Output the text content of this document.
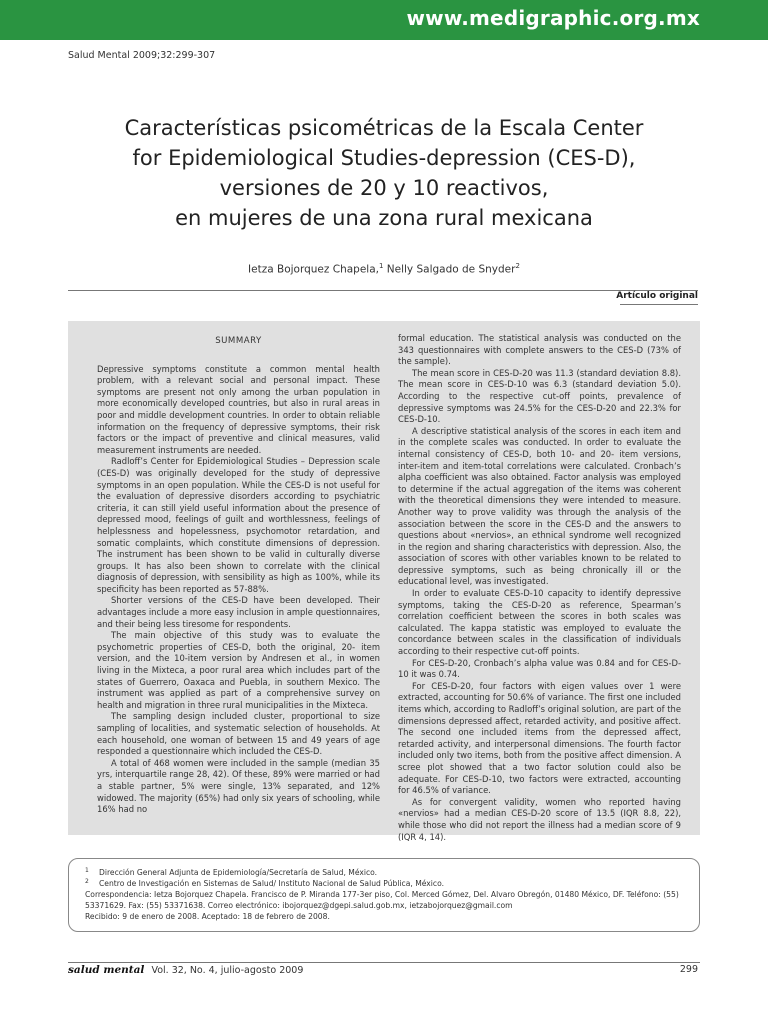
www.medigraphic.org.mx
Salud Mental 2009;32:299-307
Características psicométricas de la Escala Center
for Epidemiological Studies-depression (CES-D),
versiones de 20 y 10 reactivos,
en mujeres de una zona rural mexicana
Ietza Bojorquez Chapela,$^1$ Nelly Salgado de Snyder$^2$
Artículo original
SUMMARY

Depressive symptoms constitute a common mental health problem, with a relevant social and personal impact. These symptoms are present not only among the urban population in more economically developed countries, but also in rural areas in poor and middle development countries. In order to obtain reliable information on the frequency of depressive symptoms, their risk factors or the impact of preventive and clinical measures, valid measurement instruments are needed.

Radloff’s Center for Epidemiological Studies – Depression scale (CES-D) was originally developed for the study of depressive symptoms in an open population. While the CES-D is not useful for the evaluation of depressive disorders according to psychiatric criteria, it can still yield useful information about the presence of depressed mood, feelings of guilt and worthlessness, feelings of helplessness and hopelessness, psychomotor retardation, and somatic complaints, which constitute dimensions of depression. The instrument has been shown to be valid in culturally diverse groups. It has also been shown to correlate with the clinical diagnosis of depression, with sensibility as high as 100%, while its specificity has been reported as 57-88%.

Shorter versions of the CES-D have been developed. Their advantages include a more easy inclusion in ample questionnaires, and their being less tiresome for respondents.

The main objective of this study was to evaluate the psychometric properties of CES-D, both the original, 20- item version, and the 10-item version by Andresen et al., in women living in the Mixteca, a poor rural area which includes part of the states of Guerrero, Oaxaca and Puebla, in southern Mexico. The instrument was applied as part of a comprehensive survey on health and migration in three rural municipalities in the Mixteca.

The sampling design included cluster, proportional to size sampling of localities, and systematic selection of households. At each household, one woman of between 15 and 49 years of age responded a questionnaire which included the CES-D.

A total of 468 women were included in the sample (median 35 yrs, interquartile range 28, 42). Of these, 89% were married or had a stable partner, 5% were single, 13% separated, and 12% widowed. The majority (65%) had only six years of schooling, while 16% had no

formal education. The statistical analysis was conducted on the 343 questionnaires with complete answers to the CES-D (73% of the sample).

The mean score in CES-D-20 was 11.3 (standard deviation 8.8). The mean score in CES-D-10 was 6.3 (standard deviation 5.0). According to the respective cut-off points, prevalence of depressive symptoms was 24.5% for the CES-D-20 and 22.3% for CES-D-10.

A descriptive statistical analysis of the scores in each item and in the complete scales was conducted. In order to evaluate the internal consistency of CES-D, both 10- and 20- item versions, inter-item and item-total correlations were calculated. Cronbach’s alpha coefficient was also obtained. Factor analysis was employed to determine if the actual aggregation of the items was coherent with the theoretical dimensions they were intended to measure. Another way to prove validity was through the analysis of the association between the score in the CES-D and the answers to questions about «nervios», an ethnical syndrome well recognized in the region and sharing characteristics with depression. Also, the association of scores with other variables known to be related to depressive symptoms, such as being chronically ill or the educational level, was investigated.

In order to evaluate CES-D-10 capacity to identify depressive symptoms, taking the CES-D-20 as reference, Spearman’s correlation coefficient between the scores in both scales was calculated. The kappa statistic was employed to evaluate the concordance between scales in the classification of individuals according to their respective cut-off points.

For CES-D-20, Cronbach’s alpha value was 0.84 and for CES-D-10 it was 0.74.

For CES-D-20, four factors with eigen values over 1 were extracted, accounting for 50.6% of variance. The first one included items which, according to Radloff’s original solution, are part of the dimensions depressed affect, retarded activity, and positive affect. The second one included items from the depressed affect, retarded activity, and interpersonal dimensions. The fourth factor included only two items, both from the positive affect dimension. A scree plot showed that a two factor solution could also be adequate. For CES-D-10, two factors were extracted, accounting for 46.5% of variance.

As for convergent validity, women who reported having «nervios» had a median CES-D-20 score of 13.5 (IQR 8.8, 22), while those who did not report the illness had a median score of 9 (IQR 4, 14).

1 Dirección General Adjunta de Epidemiología/Secretaría de Salud, México.
2 Centro de Investigación en Sistemas de Salud/ Instituto Nacional de Salud Pública, México.
Correspondencia: Ietza Bojorquez Chapela. Francisco de P. Miranda 177-3er piso, Col. Merced Gómez, Del. Alvaro Obregón, 01480 México, DF. Teléfono: (55) 53371629. Fax: (55) 53371638. Correo electrónico: ibojorquez@dgepi.salud.gob.mx, ietzabojorquez@gmail.com
Recibido: 9 de enero de 2008. Aceptado: 18 de febrero de 2008.
salud mental Vol. 32, No. 4, julio-agosto 2009	299
